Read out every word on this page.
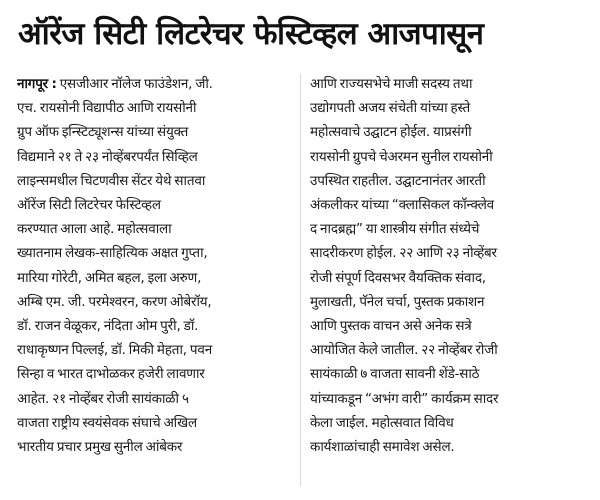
ऑरेंज सिटी लिटरेचर फेस्टिव्हल आजपासून
नागपूर : एसजीआर नॉलेज फाउंडेशन, जी.
एच. रायसोनी विद्यापीठ आणि रायसोनी
ग्रुप ऑफ इन्स्टिट्यूशन्स यांच्या संयुक्त
विद्यमाने २१ ते २३ नोव्हेंबरपर्यंत सिव्हिल
लाइन्समधील चिटणवीस सेंटर येथे सातवा
ऑरेंज सिटी लिटरेचर फेस्टिव्हल
करण्यात आला आहे. महोत्सवाला
ख्यातनाम लेखक-साहित्यिक अक्षत गुप्ता,
मारिया गोरेटी, अमित बहल, इला अरुण,
अम्बि एम. जी. परमेश्वरन, करण ओबेरॉय,
डॉ. राजन वेळूकर, नंदिता ओम पुरी, डॉ.
राधाकृष्णन पिल्लई, डॉ. मिकी मेहता, पवन
सिन्हा व भारत दाभोळकर हजेरी लावणार
आहेत. २१ नोव्हेंबर रोजी सायंकाळी ५
वाजता राष्ट्रीय स्वयंसेवक संघाचे अखिल
भारतीय प्रचार प्रमुख सुनील आंबेकर
आणि राज्यसभेचे माजी सदस्य तथा
उद्योगपती अजय संचेती यांच्या हस्ते
महोत्सवाचे उद्घाटन होईल. याप्रसंगी
रायसोनी ग्रुपचे चेअरमन सुनील रायसोनी
उपस्थित राहतील. उद्घाटनानंतर आरती
अंकलीकर यांच्या “क्लासिकल कॉन्क्लेव
द नादब्रह्म” या शास्त्रीय संगीत संध्येचे
सादरीकरण होईल. २२ आणि २३ नोव्हेंबर
रोजी संपूर्ण दिवसभर वैयक्तिक संवाद,
मुलाखती, पॅनेल चर्चा, पुस्तक प्रकाशन
आणि पुस्तक वाचन असे अनेक सत्रे
आयोजित केले जातील. २२ नोव्हेंबर रोजी
सायंकाळी ७ वाजता सावनी शेंडे-साठे
यांच्याकडून “अभंग वारी” कार्यक्रम सादर
केला जाईल. महोत्सवात विविध
कार्यशाळांचाही समावेश असेल.
